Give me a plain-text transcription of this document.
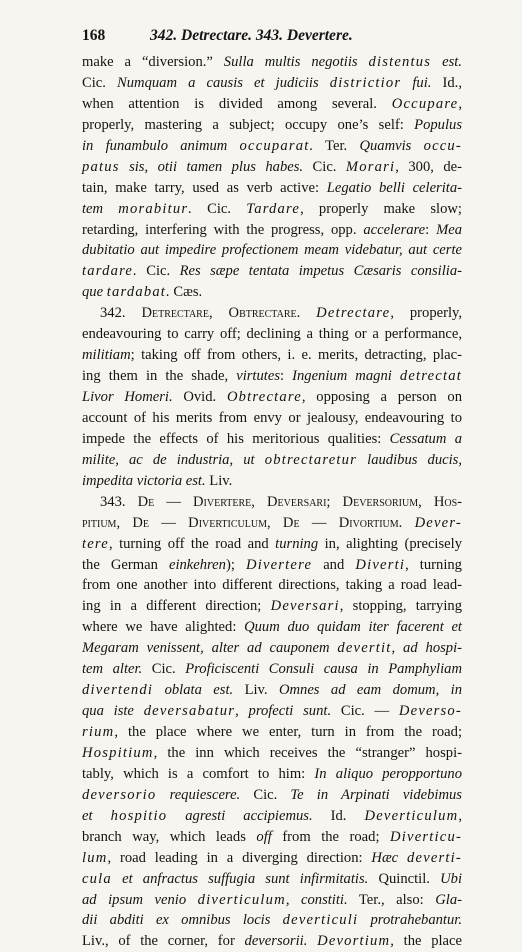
168	342. Detrectare. 343. Devertere.
make a “diversion.” Sulla multis negotiis distentus est.
Cic. Numquam a causis et judiciis districtior fui. Id.,
when attention is divided among several. Occupare,
properly, mastering a subject; occupy one’s self: Populus
in funambulo animum occuparat. Ter. Quamvis occu-
patus sis, otii tamen plus habes. Cic. Morari, 300, de-
tain, make tarry, used as verb active: Legatio belli celerita-
tem morabitur. Cic. Tardare, properly make slow;
retarding, interfering with the progress, opp. accelerare: Mea
dubitatio aut impedire profectionem meam videbatur, aut certe
tardare. Cic. Res sæpe tentata impetus Cæsaris consilia-
que tardabat. Cæs.
342. Detrectare, Obtrectare. Detrectare, properly,
endeavouring to carry off; declining a thing or a performance,
militiam; taking off from others, i. e. merits, detracting, plac-
ing them in the shade, virtutes: Ingenium magni detrectat
Livor Homeri. Ovid. Obtrectare, opposing a person on
account of his merits from envy or jealousy, endeavouring to
impede the effects of his meritorious qualities: Cessatum a
milite, ac de industria, ut obtrectaretur laudibus ducis,
impedita victoria est. Liv.
343. De — Divertere, Deversari; Deversorium, Hos-
pitium, De — Diverticulum, De — Divortium. Dever-
tere, turning off the road and turning in, alighting (precisely
the German einkehren); Divertere and Diverti, turning
from one another into different directions, taking a road lead-
ing in a different direction; Deversari, stopping, tarrying
where we have alighted: Quum duo quidam iter facerent et
Megaram venissent, alter ad cauponem devertit, ad hospi-
tem alter. Cic. Proficiscenti Consuli causa in Pamphyliam
divertendi oblata est. Liv. Omnes ad eam domum, in
qua iste deversabatur, profecti sunt. Cic. — Deverso-
rium, the place where we enter, turn in from the road;
Hospitium, the inn which receives the “stranger” hospi-
tably, which is a comfort to him: In aliquo peropportuno
deversorio requiescere. Cic. Te in Arpinati videbimus
et hospitio agresti accipiemus. Id. Deverticulum,
branch way, which leads off from the road; Diverticu-
lum, road leading in a diverging direction: Hæc deverti-
cula et anfractus suffugia sunt infirmitatis. Quinctil. Ubi
ad ipsum venio diverticulum, constiti. Ter., also: Gla-
dii abditi ex omnibus locis deverticuli protrahebantur.
Liv., of the corner, for deversorii. Devortium, the place
